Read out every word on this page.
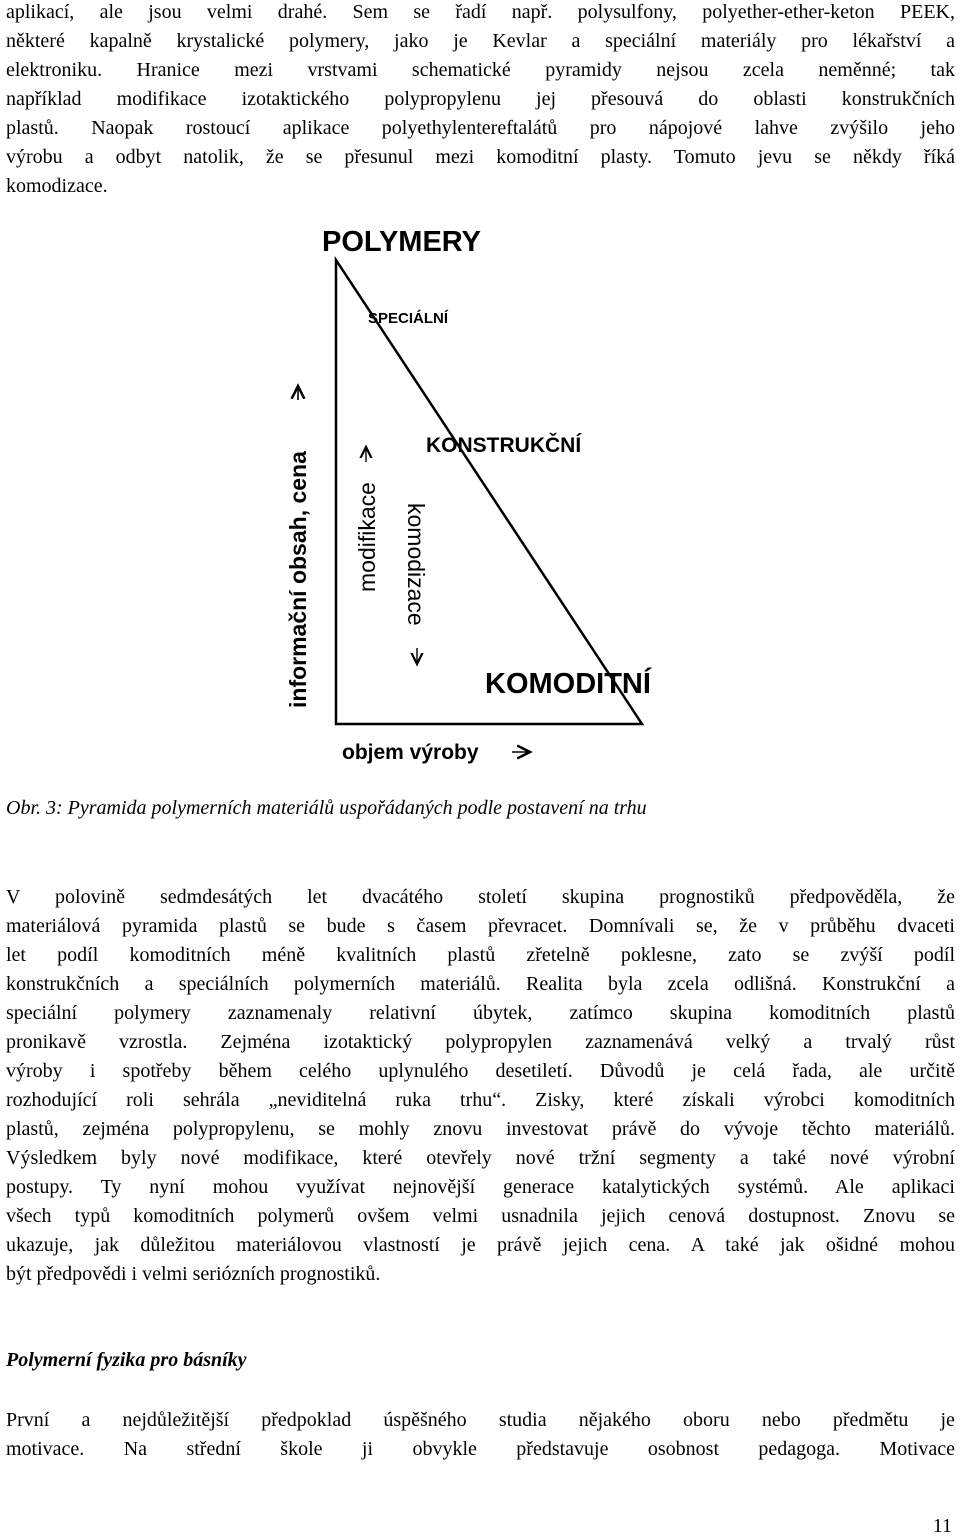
aplikací, ale jsou velmi drahé. Sem se řadí např. polysulfony, polyether-ether-keton PEEK,
některé kapalně krystalické polymery, jako je Kevlar a speciální materiály pro lékařství a
elektroniku. Hranice mezi vrstvami schematické pyramidy nejsou zcela neměnné; tak
například modifikace izotaktického polypropylenu jej přesouvá do oblasti konstrukčních
plastů. Naopak rostoucí aplikace polyethylentereftalátů pro nápojové lahve zvýšilo jeho
výrobu a odbyt natolik, že se přesunul mezi komoditní plasty. Tomuto jevu se někdy říká
komodizace.
POLYMERY
SPECIÁLNÍ
KONSTRUKČNÍ
KOMODITNÍ
objem výroby
informační obsah, cena modifikace komodizace
Obr. 3: Pyramida polymerních materiálů uspořádaných podle postavení na trhu
V polovině sedmdesátých let dvacátého století skupina prognostiků předpověděla, že
materiálová pyramida plastů se bude s časem převracet. Domnívali se, že v průběhu dvaceti
let podíl komoditních méně kvalitních plastů zřetelně poklesne, zato se zvýší podíl
konstrukčních a speciálních polymerních materiálů. Realita byla zcela odlišná. Konstrukční a
speciální polymery zaznamenaly relativní úbytek, zatímco skupina komoditních plastů
pronikavě vzrostla. Zejména izotaktický polypropylen zaznamenává velký a trvalý růst
výroby i spotřeby během celého uplynulého desetiletí. Důvodů je celá řada, ale určitě
rozhodující roli sehrála „neviditelná ruka trhu“. Zisky, které získali výrobci komoditních
plastů, zejména polypropylenu, se mohly znovu investovat právě do vývoje těchto materiálů.
Výsledkem byly nové modifikace, které otevřely nové tržní segmenty a také nové výrobní
postupy. Ty nyní mohou využívat nejnovější generace katalytických systémů. Ale aplikaci
všech typů komoditních polymerů ovšem velmi usnadnila jejich cenová dostupnost. Znovu se
ukazuje, jak důležitou materiálovou vlastností je právě jejich cena. A také jak ošidné mohou
být předpovědi i velmi seriózních prognostiků.
Polymerní fyzika pro básníky
První a nejdůležitější předpoklad úspěšného studia nějakého oboru nebo předmětu je
motivace. Na střední škole ji obvykle představuje osobnost pedagoga. Motivace
11
